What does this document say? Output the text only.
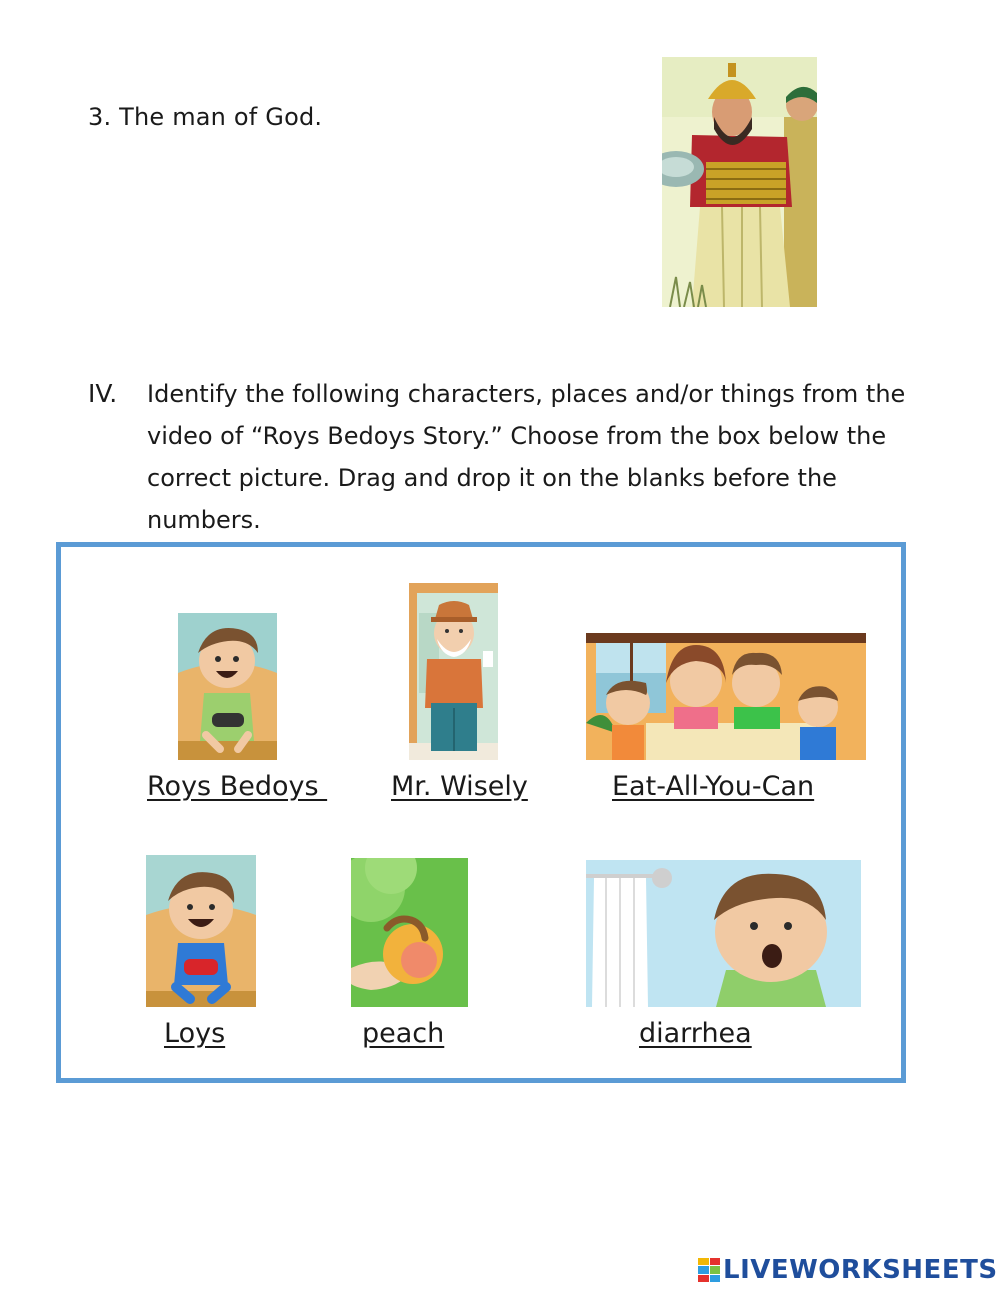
3. The man of God.
IV. Identify the following characters, places and/or things from the
video of “Roys Bedoys Story.” Choose from the box below the
correct picture. Drag and drop it on the blanks before the
numbers.
Roys Bedoys Mr. Wisely	Eat-All-You-Can
Loys	peach	diarrhea
LIVEWORKSHEETS
